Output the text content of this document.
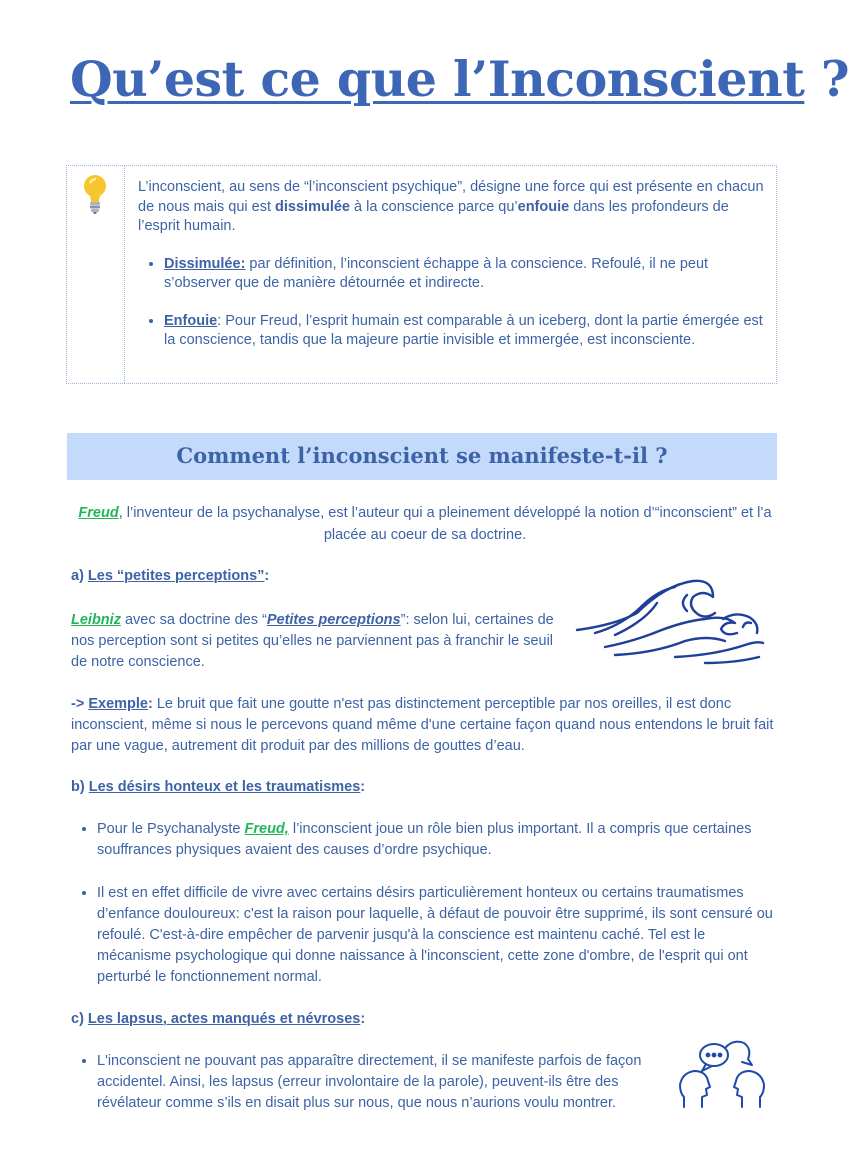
Qu’est ce que l’Inconscient ?

L’inconscient, au sens de “l’inconscient psychique”, désigne une force qui est présente en chacun de nous mais qui est dissimulée à la conscience parce qu’enfouie dans les profondeurs de l’esprit humain.

• Dissimulée: par définition, l’inconscient échappe à la conscience. Refoulé, il ne peut s’observer que de manière détournée et indirecte.
• Enfouie: Pour Freud, l’esprit humain est comparable à un iceberg, dont la partie émergée est la conscience, tandis que la majeure partie invisible et immergée, est inconsciente.
Comment l’inconscient se manifeste-t-il ?

Freud, l’inventeur de la psychanalyse, est l’auteur qui a pleinement développé la notion d’“inconscient” et l’a placée au coeur de sa doctrine.

a) Les “petites perceptions”:

Leibniz avec sa doctrine des “Petites perceptions”: selon lui, certaines de nos perception sont si petites qu’elles ne parviennent pas à franchir le seuil de notre conscience.

-> Exemple: Le bruit que fait une goutte n'est pas distinctement perceptible par nos oreilles, il est donc inconscient, même si nous le percevons quand même d'une certaine façon quand nous entendons le bruit fait par une vague, autrement dit produit par des millions de gouttes d’eau.

b) Les désirs honteux et les traumatismes:

• Pour le Psychanalyste Freud, l’inconscient joue un rôle bien plus important. Il a compris que certaines souffrances physiques avaient des causes d’ordre psychique.
• Il est en effet difficile de vivre avec certains désirs particulièrement honteux ou certains traumatismes d’enfance douloureux: c'est la raison pour laquelle, à défaut de pouvoir être supprimé, ils sont censuré ou refoulé. C'est-à-dire empêcher de parvenir jusqu'à la conscience est maintenu caché. Tel est le mécanisme psychologique qui donne naissance à l'inconscient, cette zone d'ombre, de l'esprit qui ont perturbé le fonctionnement normal.

c) Les lapsus, actes manqués et névroses:

• L'inconscient ne pouvant pas apparaître directement, il se manifeste parfois de façon accidentel. Ainsi, les lapsus (erreur involontaire de la parole), peuvent-ils être des révélateur comme s’ils en disait plus sur nous, que nous n’aurions voulu montrer.
